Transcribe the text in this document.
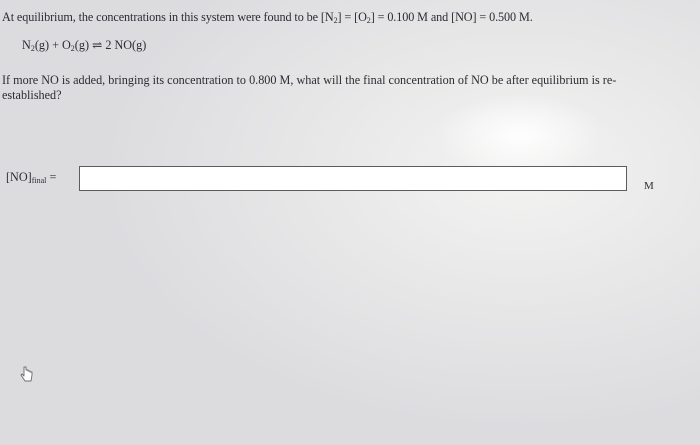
At equilibrium, the concentrations in this system were found to be $[N_2] = [O_2] = 0.100$ M and [NO] = 0.500 M.
$N_2(g) + O_2(g)$ ⇌ 2 NO(g)
If more NO is added, bringing its concentration to 0.800 M, what will the final concentration of NO be after equilibrium is re-established?
$[NO]_{final}$ =
M
